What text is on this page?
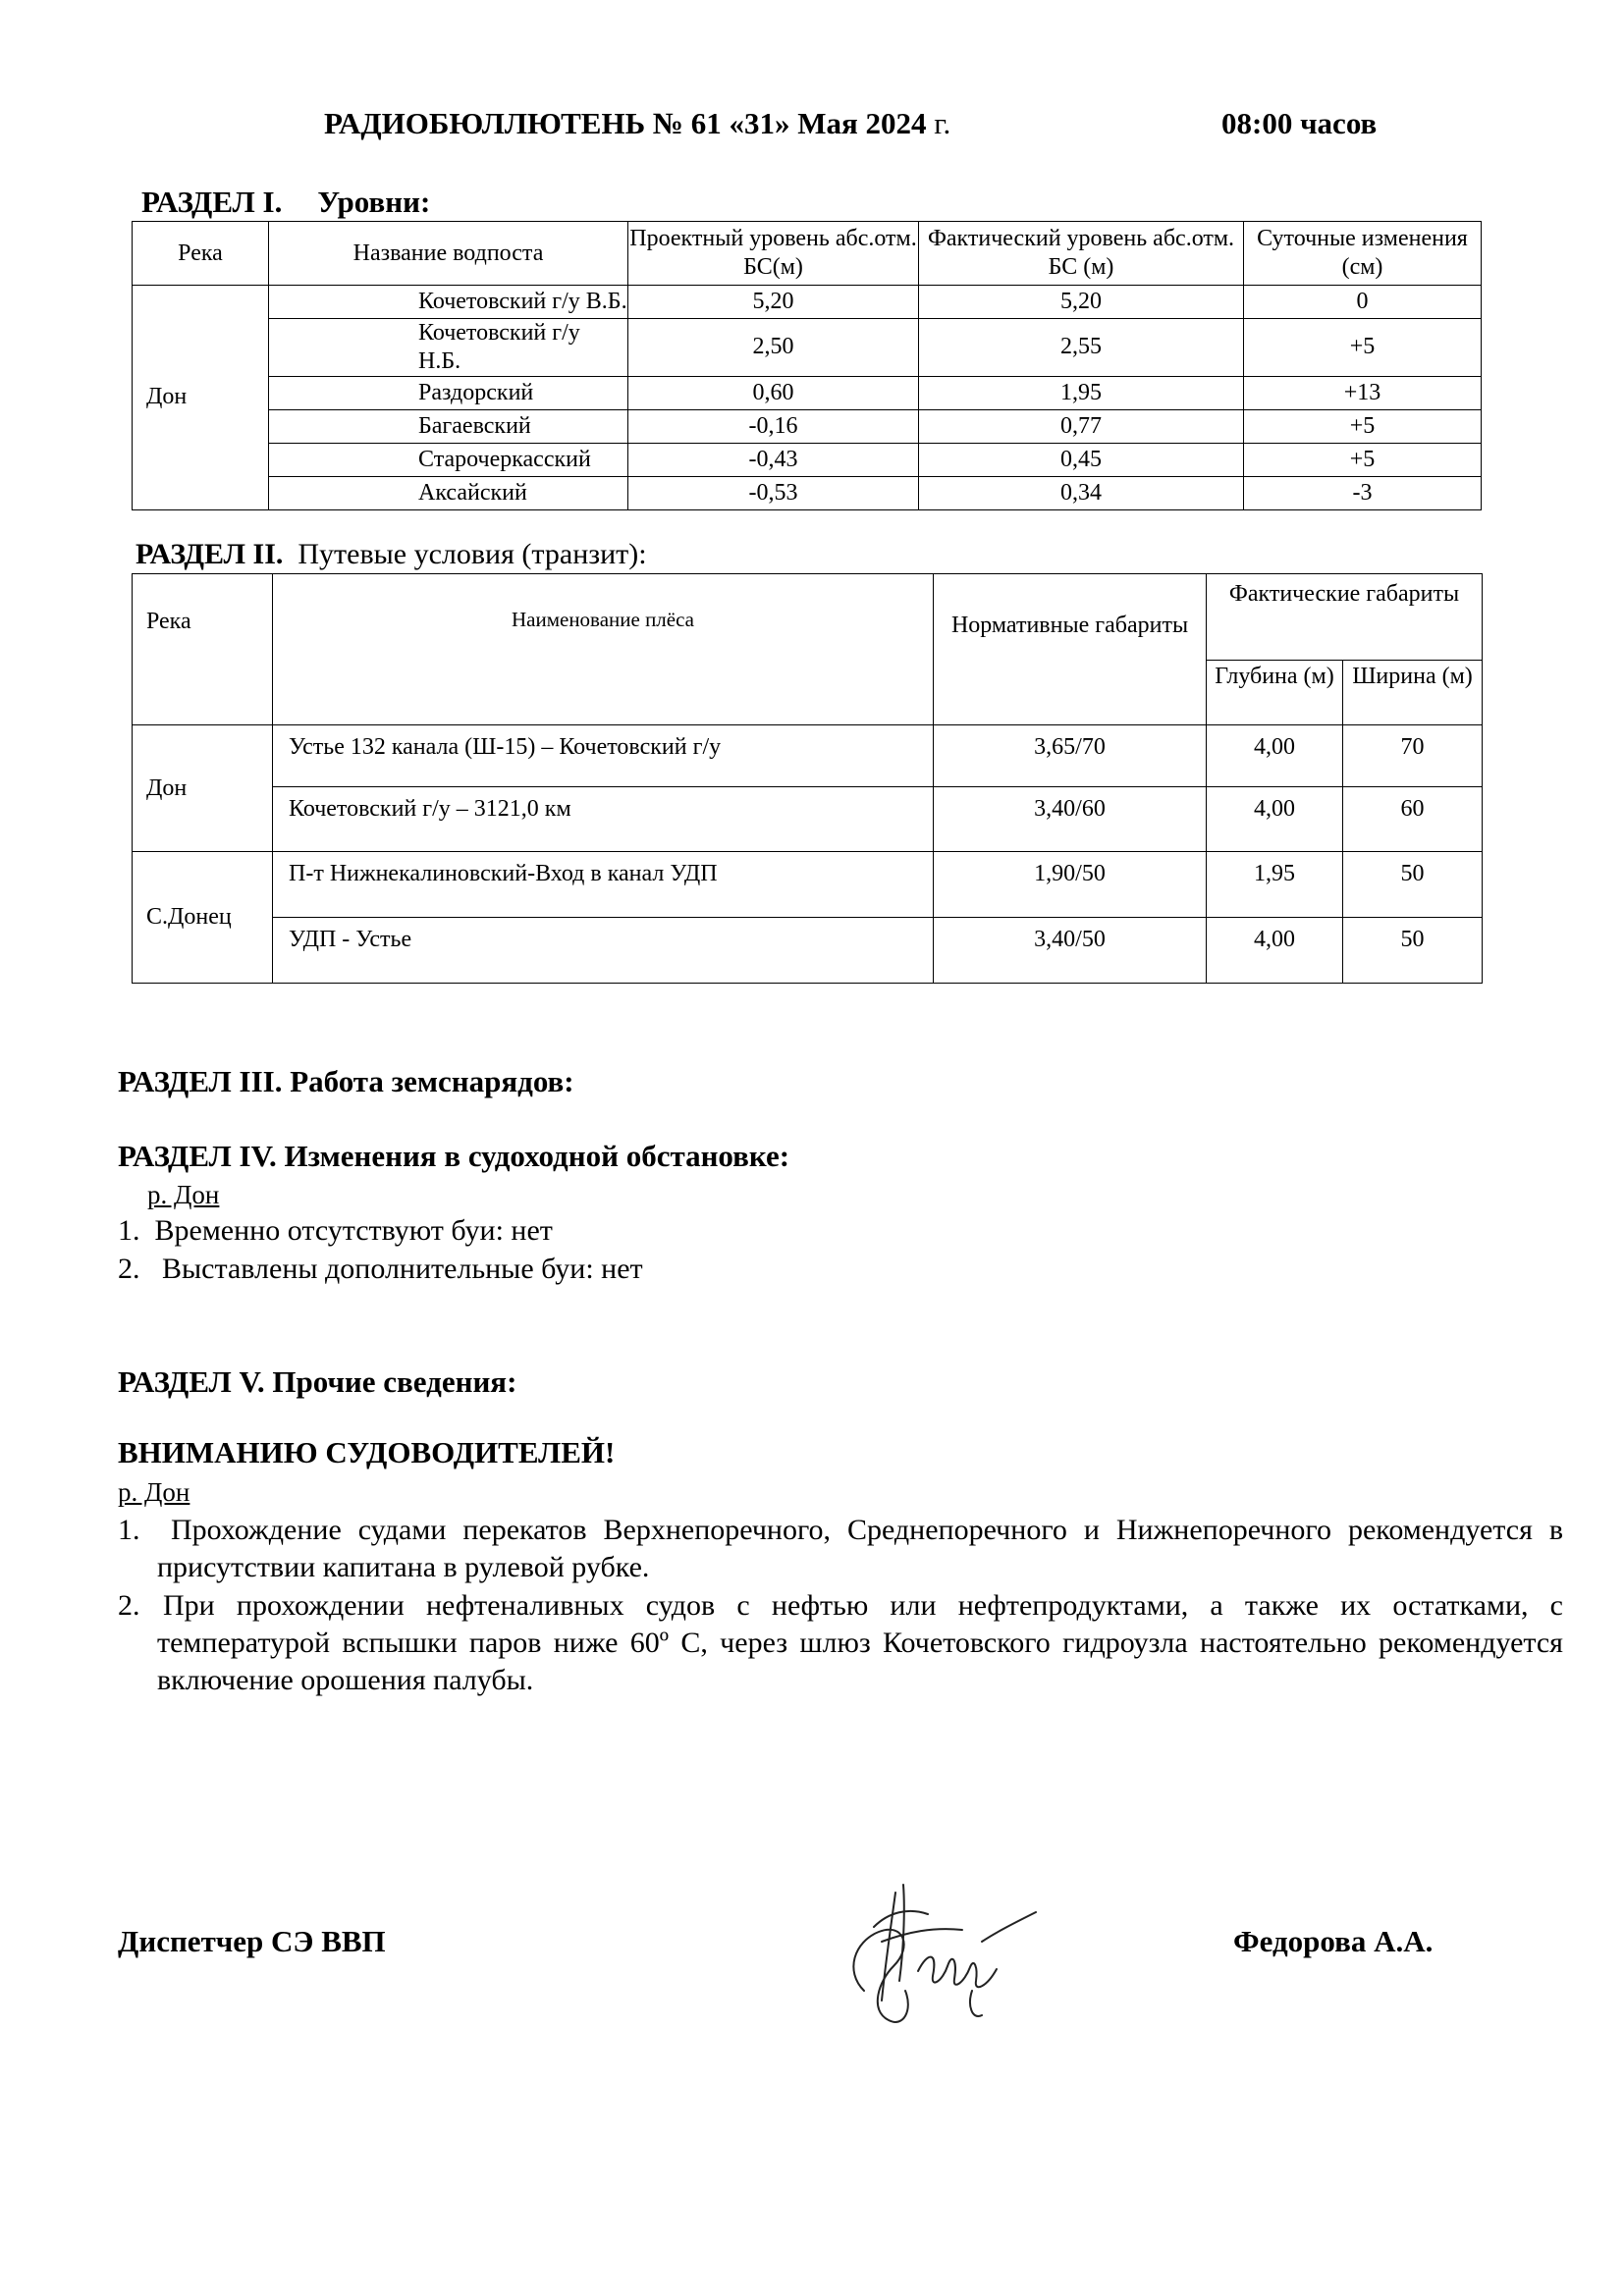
РАДИОБЮЛЛЮТЕНЬ № 61 «31» Мая 2024 г.	08:00 часов
РАЗДЕЛ I. Уровни:
Река	Название водпоста	Проектный уровень абс.отм. БС(м)	Фактический уровень абс.отм. БС (м)	Суточные изменения (см)
Дон	Кочетовский г/у В.Б.	5,20	5,20	0
	Кочетовский г/у Н.Б.	2,50	2,55	+5
	Раздорский	0,60	1,95	+13
	Багаевский	-0,16	0,77	+5
	Старочеркасский	-0,43	0,45	+5
	Аксайский	-0,53	0,34	-3
РАЗДЕЛ II. Путевые условия (транзит):
Река	Наименование плёса	Нормативные габариты	Фактические габариты	
			Глубина (м)	Ширина (м)
Дон	Устье 132 канала (Ш-15) – Кочетовский г/у	3,65/70	4,00	70
	Кочетовский г/у – 3121,0 км	3,40/60	4,00	60
С.Донец	П-т Нижнекалиновский-Вход в канал УДП	1,90/50	1,95	50
	УДП - Устье	3,40/50	4,00	50
РАЗДЕЛ III. Работа земснарядов:
РАЗДЕЛ IV. Изменения в судоходной обстановке:
р. Дон
1. Временно отсутствуют буи: нет
2. Выставлены дополнительные буи: нет
РАЗДЕЛ V. Прочие сведения:
ВНИМАНИЮ СУДОВОДИТЕЛЕЙ!
р. Дон
1.	Прохождение судами перекатов Верхнепоречного, Среднепоречного и Нижнепоречного рекомендуется в присутствии капитана в рулевой рубке.
2. При прохождении нефтеналивных судов с нефтью или нефтепродуктами, а также их остатками, с температурой вспышки паров ниже 60º С, через шлюз Кочетовского гидроузла настоятельно рекомендуется включение орошения палубы.
Диспетчер СЭ ВВП	Федорова А.А.
